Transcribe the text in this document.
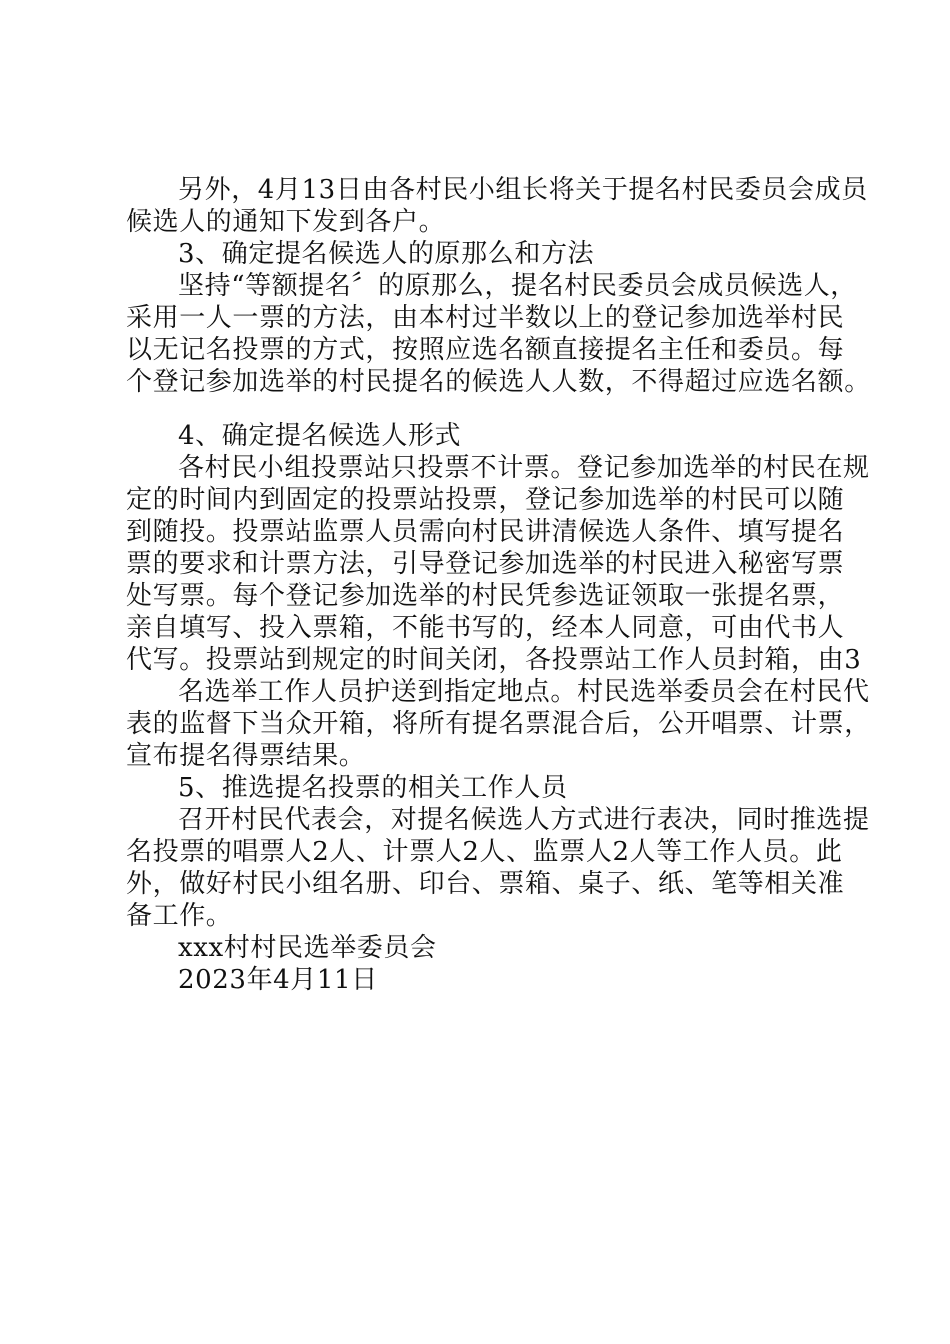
另外，4月13日由各村民小组长将关于提名村民委员会成员
候选人的通知下发到各户。
3、确定提名候选人的原那么和方法
坚持“等额提名〞的原那么，提名村民委员会成员候选人，
采用一人一票的方法，由本村过半数以上的登记参加选举村民
以无记名投票的方式，按照应选名额直接提名主任和委员。每
个登记参加选举的村民提名的候选人人数，不得超过应选名额。
4、确定提名候选人形式
各村民小组投票站只投票不计票。登记参加选举的村民在规
定的时间内到固定的投票站投票，登记参加选举的村民可以随
到随投。投票站监票人员需向村民讲清候选人条件、填写提名
票的要求和计票方法，引导登记参加选举的村民进入秘密写票
处写票。每个登记参加选举的村民凭参选证领取一张提名票，
亲自填写、投入票箱，不能书写的，经本人同意，可由代书人
代写。投票站到规定的时间关闭，各投票站工作人员封箱，由3
名选举工作人员护送到指定地点。村民选举委员会在村民代
表的监督下当众开箱，将所有提名票混合后，公开唱票、计票，
宣布提名得票结果。
5、推选提名投票的相关工作人员
召开村民代表会，对提名候选人方式进行表决，同时推选提
名投票的唱票人2人、计票人2人、监票人2人等工作人员。此
外，做好村民小组名册、印台、票箱、桌子、纸、笔等相关准
备工作。
xxx村村民选举委员会
2023年4月11日
